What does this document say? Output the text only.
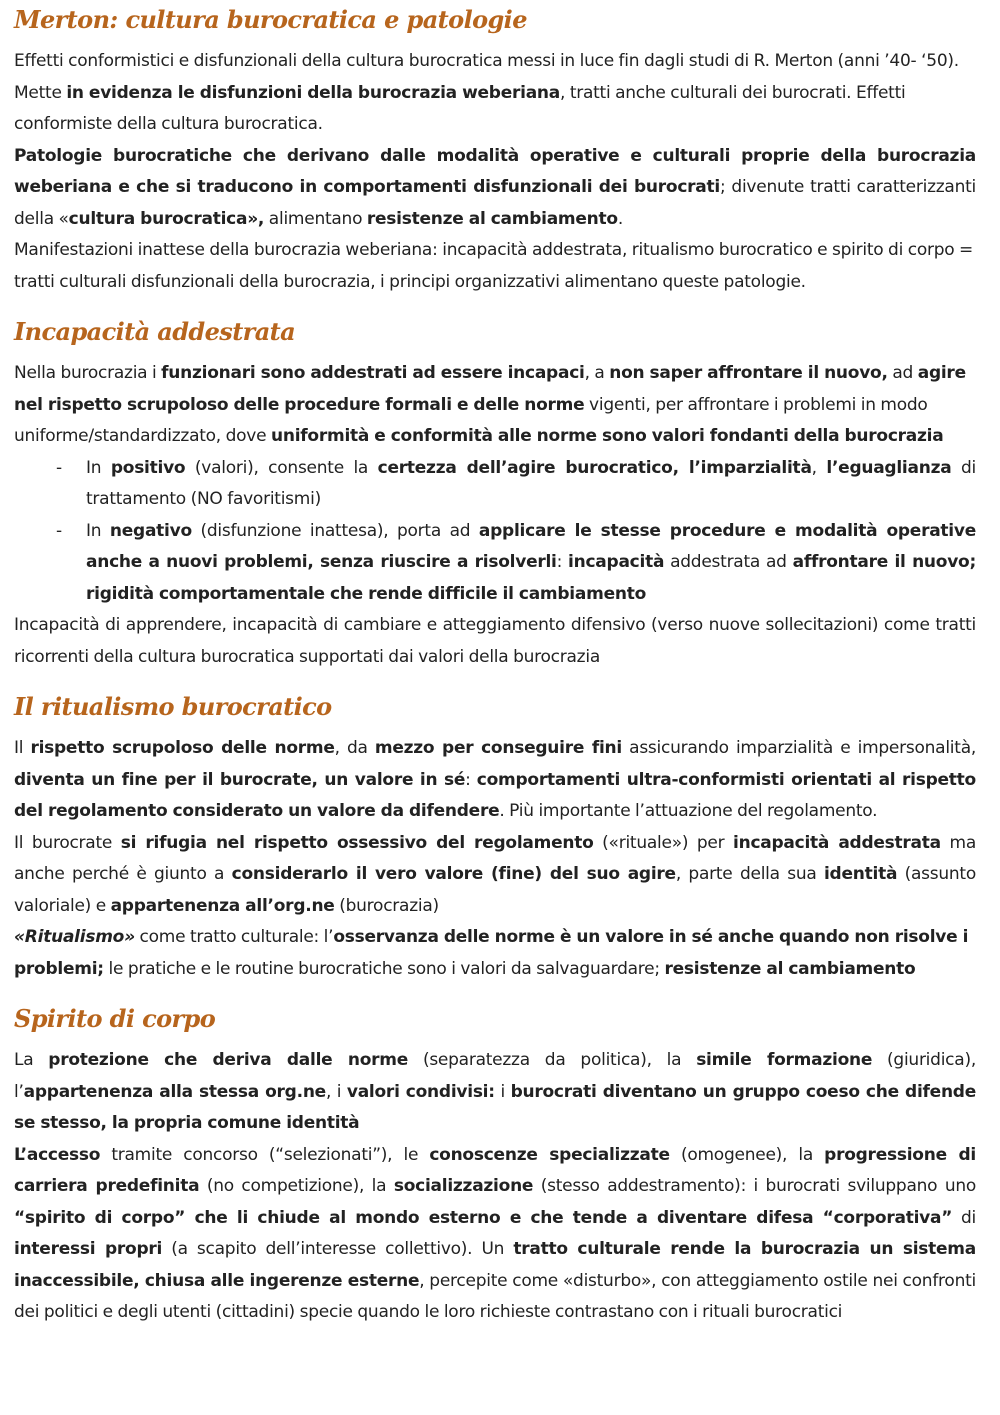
Merton: cultura burocratica e patologie

Effetti conformistici e disfunzionali della cultura burocratica messi in luce fin dagli studi di R. Merton (anni ’40- ‘50). Mette in evidenza le disfunzioni della burocrazia weberiana, tratti anche culturali dei burocrati. Effetti conformiste della cultura burocratica.

Patologie burocratiche che derivano dalle modalità operative e culturali proprie della burocrazia weberiana e che si traducono in comportamenti disfunzionali dei burocrati; divenute tratti caratterizzanti della «cultura burocratica», alimentano resistenze al cambiamento.

Manifestazioni inattese della burocrazia weberiana: incapacità addestrata, ritualismo burocratico e spirito di corpo = tratti culturali disfunzionali della burocrazia, i principi organizzativi alimentano queste patologie.

Incapacità addestrata

Nella burocrazia i funzionari sono addestrati ad essere incapaci, a non saper affrontare il nuovo, ad agire nel rispetto scrupoloso delle procedure formali e delle norme vigenti, per affrontare i problemi in modo uniforme/standardizzato, dove uniformità e conformità alle norme sono valori fondanti della burocrazia

- In positivo (valori), consente la certezza dell’agire burocratico, l’imparzialità, l’eguaglianza di trattamento (NO favoritismi)
- In negativo (disfunzione inattesa), porta ad applicare le stesse procedure e modalità operative anche a nuovi problemi, senza riuscire a risolverli: incapacità addestrata ad affrontare il nuovo; rigidità comportamentale che rende difficile il cambiamento

Incapacità di apprendere, incapacità di cambiare e atteggiamento difensivo (verso nuove sollecitazioni) come tratti ricorrenti della cultura burocratica supportati dai valori della burocrazia

Il ritualismo burocratico

Il rispetto scrupoloso delle norme, da mezzo per conseguire fini assicurando imparzialità e impersonalità, diventa un fine per il burocrate, un valore in sé: comportamenti ultra-conformisti orientati al rispetto del regolamento considerato un valore da difendere. Più importante l’attuazione del regolamento.

Il burocrate si rifugia nel rispetto ossessivo del regolamento («rituale») per incapacità addestrata ma anche perché è giunto a considerarlo il vero valore (fine) del suo agire, parte della sua identità (assunto valoriale) e appartenenza all’org.ne (burocrazia)

«Ritualismo» come tratto culturale: l’osservanza delle norme è un valore in sé anche quando non risolve i problemi; le pratiche e le routine burocratiche sono i valori da salvaguardare; resistenze al cambiamento

Spirito di corpo

La protezione che deriva dalle norme (separatezza da politica), la simile formazione (giuridica), l’appartenenza alla stessa org.ne, i valori condivisi: i burocrati diventano un gruppo coeso che difende se stesso, la propria comune identità

L’accesso tramite concorso (“selezionati”), le conoscenze specializzate (omogenee), la progressione di carriera predefinita (no competizione), la socializzazione (stesso addestramento): i burocrati sviluppano uno “spirito di corpo” che li chiude al mondo esterno e che tende a diventare difesa “corporativa” di interessi propri (a scapito dell’interesse collettivo). Un tratto culturale rende la burocrazia un sistema inaccessibile, chiusa alle ingerenze esterne, percepite come «disturbo», con atteggiamento ostile nei confronti dei politici e degli utenti (cittadini) specie quando le loro richieste contrastano con i rituali burocratici
